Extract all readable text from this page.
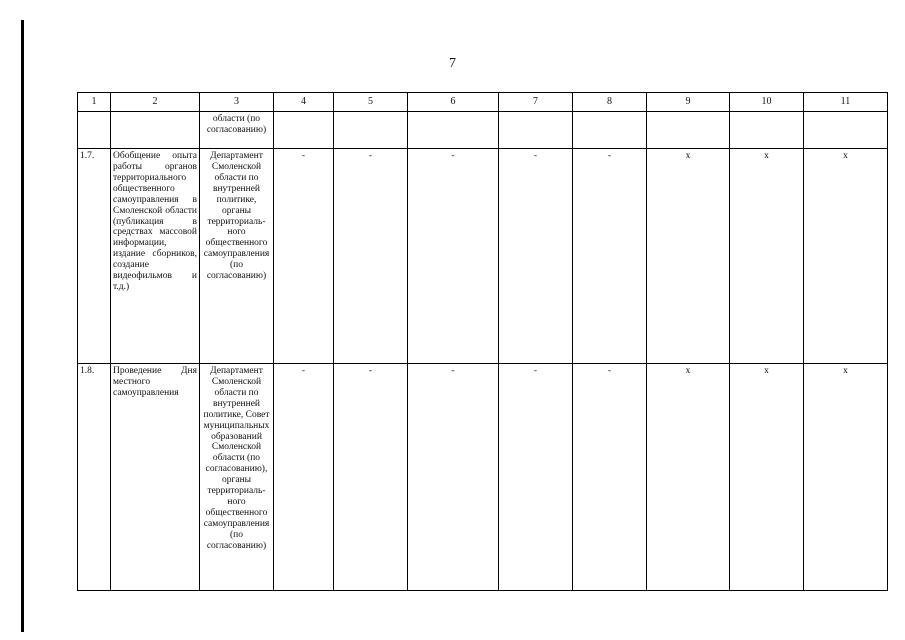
7
1	2	3	4	5	6	7	8	9	10	11
		области (по согласованию)								
1.7.	Обобщение опыта работы органов территориального общественного самоуправления в Смоленской области (публикация в средствах массовой информации, издание сборников, создание видеофильмов и т.д.)	Департамент Смоленской области по внутренней политике, органы территориаль-ного общественного самоуправления (по согласованию)	-	-	-	-	-	х	х	х
1.8.	Проведение Дня местного самоуправления	Департамент Смоленской области по внутренней политике, Совет муниципальных образований Смоленской области (по согласованию), органы территориаль-ного общественного самоуправления (по согласованию)	-	-	-	-	-	х	х	х
